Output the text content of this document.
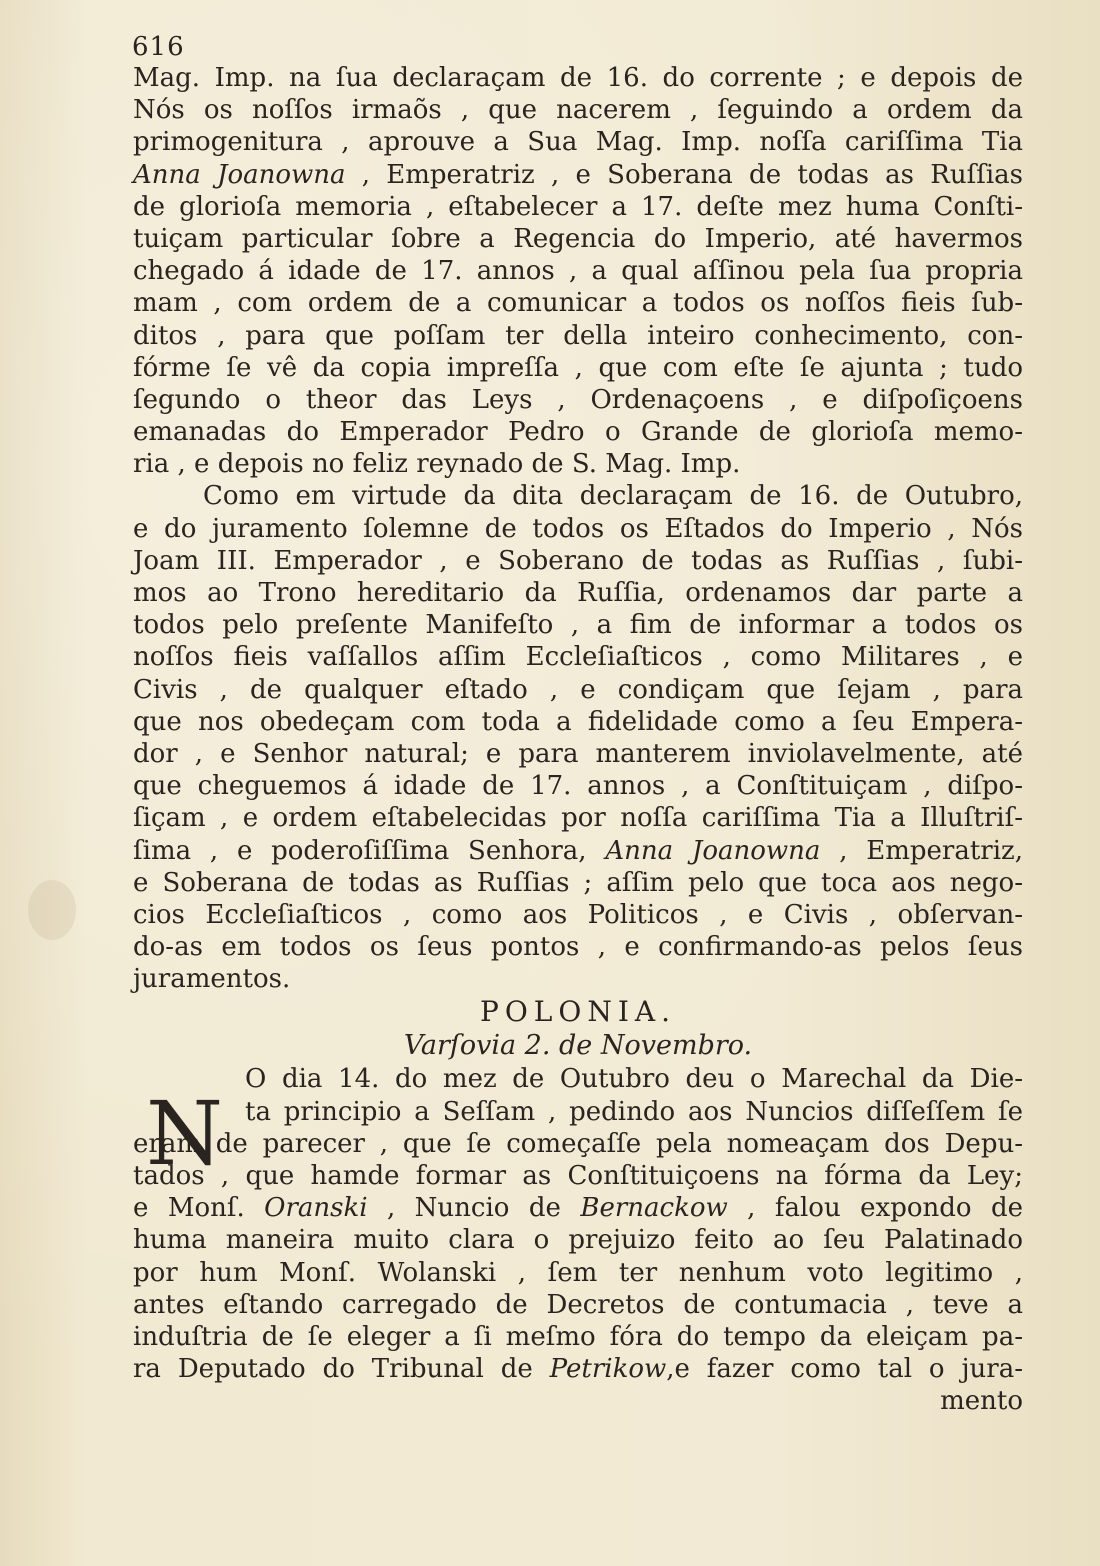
616
Mag. Imp. na ſua declaraçam de 16. do corrente ; e depois de
Nós os noſſos irmaõs , que nacerem , ſeguindo a ordem da
primogenitura , aprouve a Sua Mag. Imp. noſſa cariſſima Tia
Anna Joanowna , Emperatriz , e Soberana de todas as Ruſſias
de glorioſa memoria , eſtabelecer a 17. deſte mez huma Conſti-
tuiçam particular ſobre a Regencia do Imperio, até havermos
chegado á idade de 17. annos , a qual aſſinou pela ſua propria
mam , com ordem de a comunicar a todos os noſſos fieis ſub-
ditos , para que poſſam ter della inteiro conhecimento, con-
fórme ſe vê da copia impreſſa , que com eſte ſe ajunta ; tudo
ſegundo o theor das Leys , Ordenaçoens , e diſpoſiçoens
emanadas do Emperador Pedro o Grande de glorioſa memo-
ria , e depois no feliz reynado de S. Mag. Imp.
Como em virtude da dita declaraçam de 16. de Outubro,
e do juramento ſolemne de todos os Eſtados do Imperio , Nós
Joam III. Emperador , e Soberano de todas as Ruſſias , ſubi-
mos ao Trono hereditario da Ruſſia, ordenamos dar parte a
todos pelo preſente Manifeſto , a fim de informar a todos os
noſſos fieis vaſſallos aſſim Eccleſiaſticos , como Militares , e
Civis , de qualquer eſtado , e condiçam que ſejam , para
que nos obedeçam com toda a fidelidade como a ſeu Empera-
dor , e Senhor natural; e para manterem inviolavelmente, até
que cheguemos á idade de 17. annos , a Conſtituiçam , diſpo-
ſiçam , e ordem eſtabelecidas por noſſa cariſſima Tia a Illuſtriſ-
ſima , e poderoſiſſima Senhora, Anna Joanowna , Emperatriz,
e Soberana de todas as Ruſſias ; aſſim pelo que toca aos nego-
cios Eccleſiaſticos , como aos Politicos , e Civis , obſervan-
do-as em todos os ſeus pontos , e confirmando-as pelos ſeus
juramentos.
POLONIA.
Varſovia 2. de Novembro.
O dia 14. do mez de Outubro deu o Marechal da Die-
ta principio a Seſſam , pedindo aos Nuncios diſſeſſem ſe
eram de parecer , que ſe começaſſe pela nomeaçam dos Depu-
tados , que hamde formar as Conſtituiçoens na fórma da Ley;
e Monſ. Oranski , Nuncio de Bernackow , falou expondo de
huma maneira muito clara o prejuizo feito ao ſeu Palatinado
por hum Monſ. Wolanski , ſem ter nenhum voto legitimo ,
antes eſtando carregado de Decretos de contumacia , teve a
induſtria de ſe eleger a ſi meſmo fóra do tempo da eleiçam pa-
ra Deputado do Tribunal de Petrikow,e fazer como tal o jura-
mento
N
